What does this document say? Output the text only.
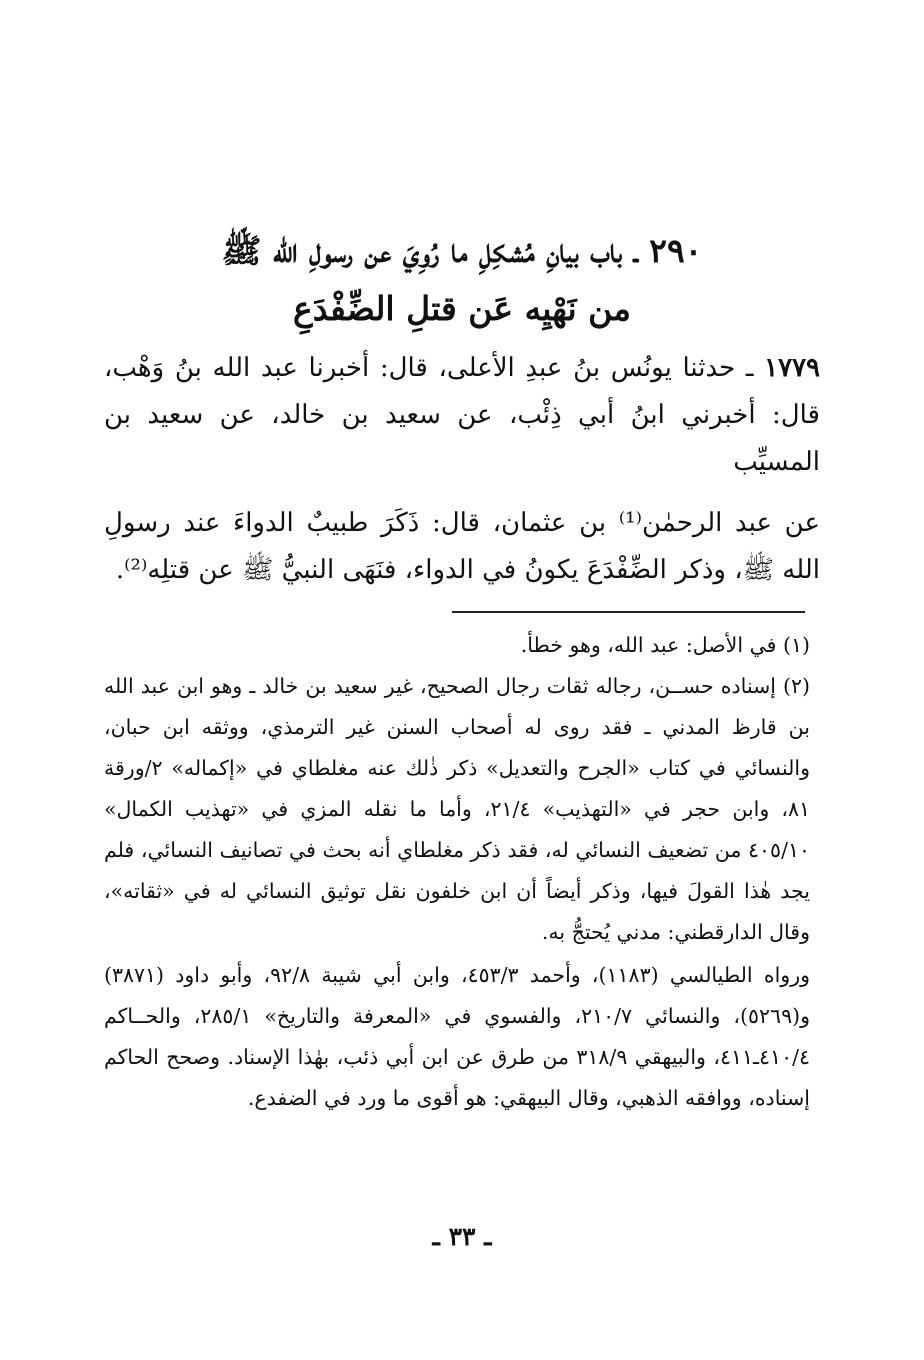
٢٩٠ ـ باب بيانِ مُشكِلِ ما رُوِيَ عن رسولِ الله ﷺ
من نَهْيِه عَن قتلِ الضِّفْدَعِ

١٧٧٩ ـ حدثنا يونُس بنُ عبدِ الأعلى، قال: أخبرنا عبد الله بنُ وَهْب، قال: أخبرني ابنُ أبي ذِئْب، عن سعيد بن خالد، عن سعيد بن المسيِّب

عن عبد الرحمٰن⁽¹⁾ بن عثمان، قال: ذَكَرَ طبيبٌ الدواءَ عند رسولِ الله ﷺ، وذكر الضِّفْدَعَ يكونُ في الدواء، فنَهَى النبيُّ ﷺ عن قتلِه⁽²⁾.

(١) في الأصل: عبد الله، وهو خطأ.

(٢) إسناده حســن، رجاله ثقات رجال الصحيح، غير سعيد بن خالد ـ وهو ابن عبد الله بن قارظ المدني ـ فقد روى له أصحاب السنن غير الترمذي، ووثقه ابن حبان، والنسائي في كتاب «الجرح والتعديل» ذكر ذٰلك عنه مغلطاي في «إكماله» ٢/ورقة ٨١، وابن حجر في «التهذيب» ٢١/٤، وأما ما نقله المزي في «تهذيب الكمال» ٤٠٥/١٠ من تضعيف النسائي له، فقد ذكر مغلطاي أنه بحث في تصانيف النسائي، فلم يجد هٰذا القولَ فيها، وذكر أيضاً أن ابن خلفون نقل توثيق النسائي له في «ثقاته»، وقال الدارقطني: مدني يُحتجُّ به.

ورواه الطيالسي (١١٨٣)، وأحمد ٤٥٣/٣، وابن أبي شيبة ٩٢/٨، وأبو داود (٣٨٧١) و(٥٢٦٩)، والنسائي ٢١٠/٧، والفسوي في «المعرفة والتاريخ» ٢٨٥/١، والحــاكم ٤١٠/٤ـ٤١١، والبيهقي ٣١٨/٩ من طرق عن ابن أبي ذئب، بهٰذا الإسناد. وصحح الحاكم إسناده، ووافقه الذهبي، وقال البيهقي: هو أقوى ما ورد في الضفدع.

ـ ٣٣ ـ
